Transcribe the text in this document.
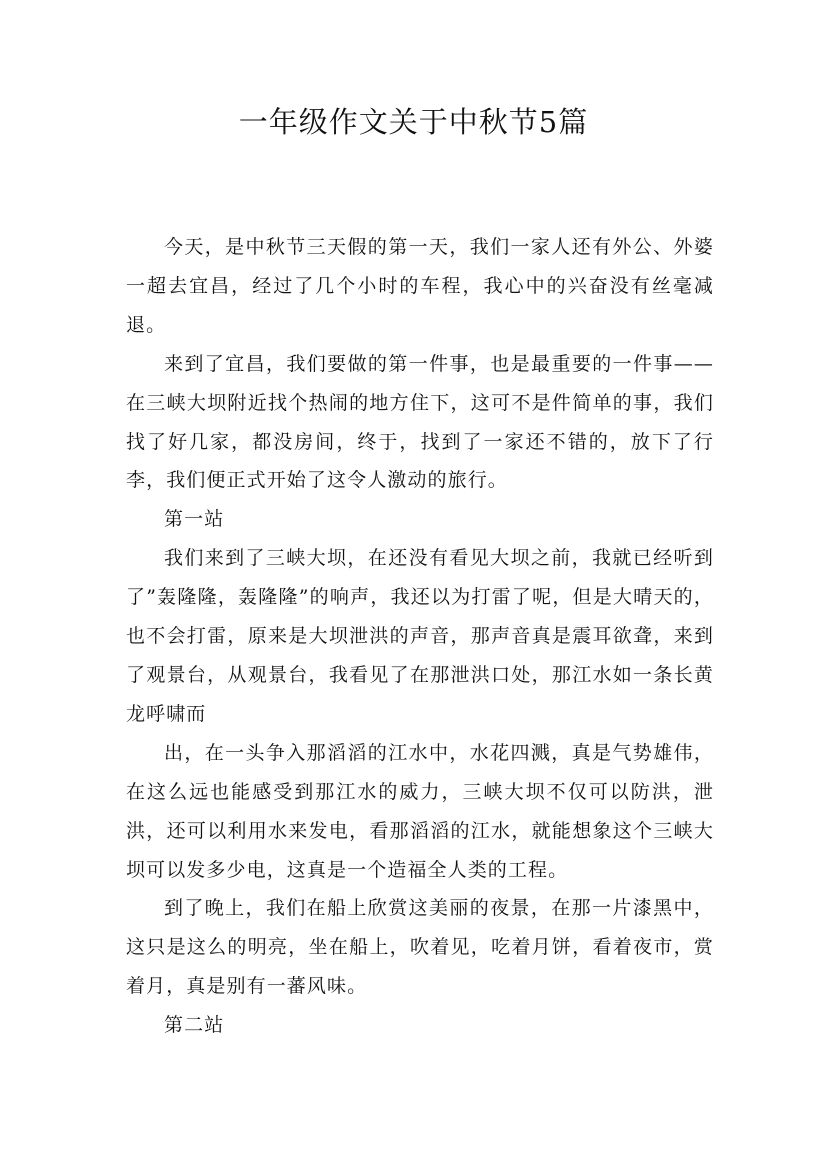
一年级作文关于中秋节5篇

今天，是中秋节三天假的第一天，我们一家人还有外公、外婆一超去宜昌，经过了几个小时的车程，我心中的兴奋没有丝毫减退。

来到了宜昌，我们要做的第一件事，也是最重要的一件事——在三峡大坝附近找个热闹的地方住下，这可不是件简单的事，我们找了好几家，都没房间，终于，找到了一家还不错的，放下了行李，我们便正式开始了这令人激动的旅行。

第一站

我们来到了三峡大坝，在还没有看见大坝之前，我就已经听到了”轰隆隆，轰隆隆”的响声，我还以为打雷了呢，但是大晴天的，也不会打雷，原来是大坝泄洪的声音，那声音真是震耳欲聋，来到了观景台，从观景台，我看见了在那泄洪口处，那江水如一条长黄龙呼啸而

出，在一头争入那滔滔的江水中，水花四溅，真是气势雄伟，在这么远也能感受到那江水的威力，三峡大坝不仅可以防洪，泄洪，还可以利用水来发电，看那滔滔的江水，就能想象这个三峡大坝可以发多少电，这真是一个造福全人类的工程。

到了晚上，我们在船上欣赏这美丽的夜景，在那一片漆黑中，这只是这么的明亮，坐在船上，吹着见，吃着月饼，看着夜市，赏着月，真是别有一蕃风味。

第二站
